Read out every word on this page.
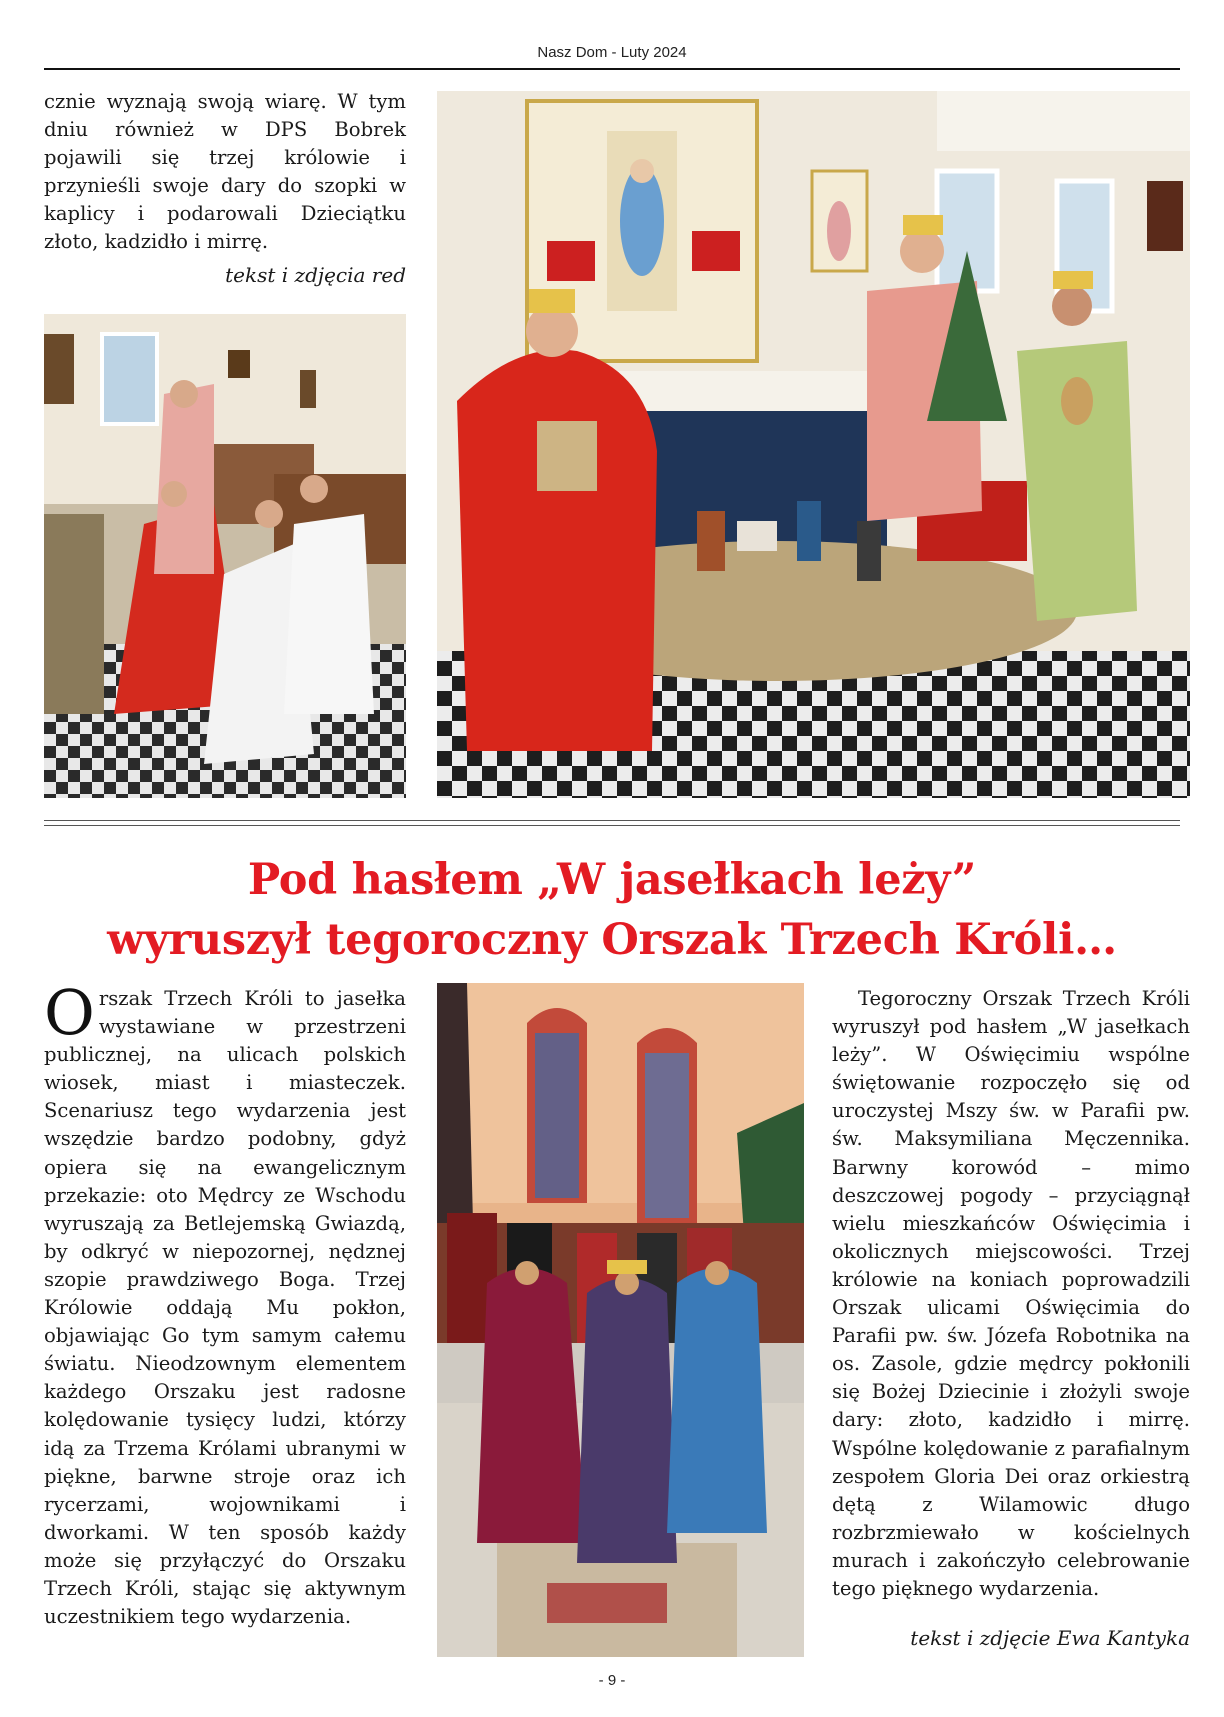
Nasz Dom - Luty 2024

cznie wyznają swoją wiarę. W tym dniu również w DPS Bobrek pojawili się trzej królowie i przynieśli swoje dary do szopki w kaplicy i podarowali Dzieciątku złoto, kadzidło i mirrę.

tekst i zdjęcia red
Pod hasłem „W jasełkach leży”
wyruszył tegoroczny Orszak Trzech Króli…
Orszak Trzech Króli to jasełka wystawiane w przestrzeni publicznej, na ulicach polskich wiosek, miast i miasteczek. Scenariusz tego wydarzenia jest wszędzie bardzo podobny, gdyż opiera się na ewangelicznym przekazie: oto Mędrcy ze Wschodu wyruszają za Betlejemską Gwiazdą, by odkryć w niepozornej, nędznej szopie prawdziwego Boga. Trzej Królowie oddają Mu pokłon, objawiając Go tym samym całemu światu. Nieodzownym elementem każdego Orszaku jest radosne kolędowanie tysięcy ludzi, którzy idą za Trzema Królami ubranymi w piękne, barwne stroje oraz ich rycerzami, wojownikami i dworkami. W ten sposób każdy może się przyłączyć do Orszaku Trzech Króli, stając się aktywnym uczestnikiem tego wydarzenia.

Tegoroczny Orszak Trzech Króli wyruszył pod hasłem „W jasełkach leży”. W Oświęcimiu wspólne świętowanie rozpoczęło się od uroczystej Mszy św. w Parafii pw. św. Maksymiliana Męczennika. Barwny korowód – mimo deszczowej pogody – przyciągnął wielu mieszkańców Oświęcimia i okolicznych miejscowości. Trzej królowie na koniach poprowadzili Orszak ulicami Oświęcimia do Parafii pw. św. Józefa Robotnika na os. Zasole, gdzie mędrcy pokłonili się Bożej Dziecinie i złożyli swoje dary: złoto, kadzidło i mirrę. Wspólne kolędowanie z parafialnym zespołem Gloria Dei oraz orkiestrą dętą z Wilamowic długo rozbrzmiewało w kościelnych murach i zakończyło celebrowanie tego pięknego wydarzenia.

tekst i zdjęcie Ewa Kantyka
- 9 -
